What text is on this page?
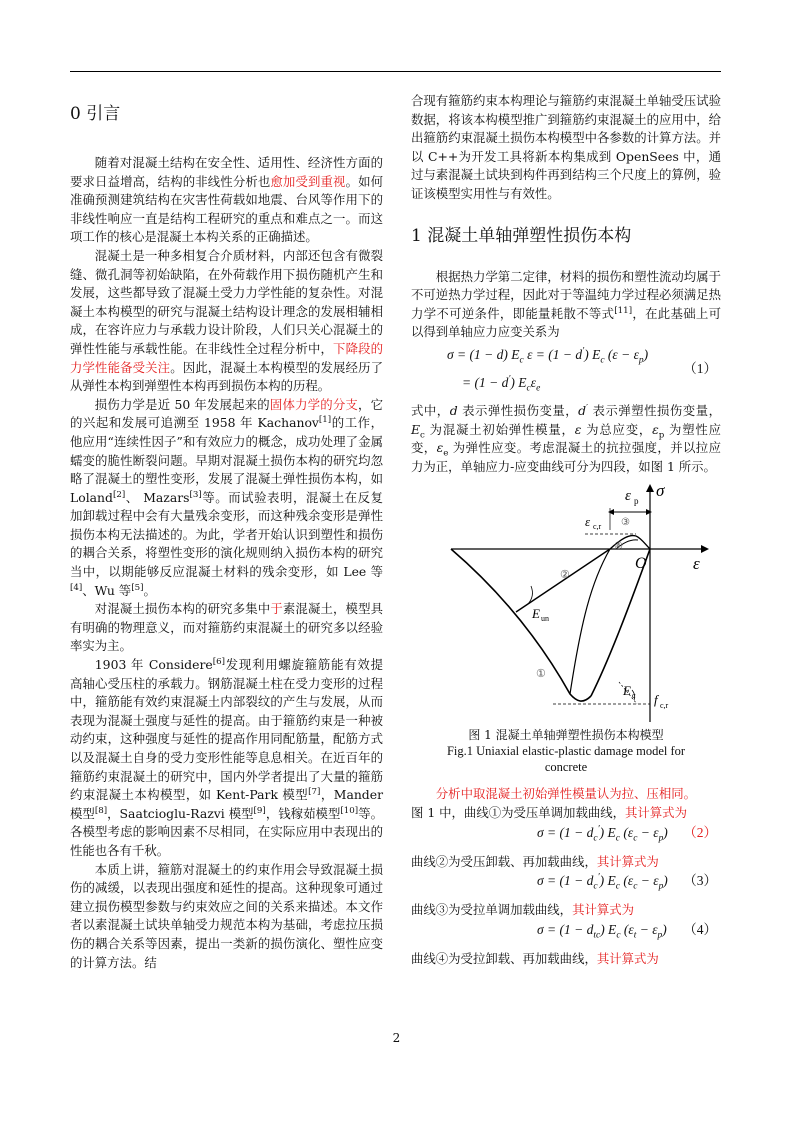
0 引言

随着对混凝土结构在安全性、适用性、经济性方面的要求日益增高，结构的非线性分析也愈加受到重视。如何准确预测建筑结构在灾害性荷载如地震、台风等作用下的非线性响应一直是结构工程研究的重点和难点之一。而这项工作的核心是混凝土本构关系的正确描述。

混凝土是一种多相复合介质材料，内部还包含有微裂缝、微孔洞等初始缺陷，在外荷载作用下损伤随机产生和发展，这些都导致了混凝土受力力学性能的复杂性。对混凝土本构模型的研究与混凝土结构设计理念的发展相辅相成，在容许应力与承载力设计阶段，人们只关心混凝土的弹性性能与承载性能。在非线性全过程分析中，下降段的力学性能备受关注。因此，混凝土本构模型的发展经历了从弹性本构到弹塑性本构再到损伤本构的历程。

损伤力学是近 50 年发展起来的固体力学的分支，它的兴起和发展可追溯至 1958 年 Kachanov[1]的工作，他应用“连续性因子”和有效应力的概念，成功处理了金属蠕变的脆性断裂问题。早期对混凝土损伤本构的研究均忽略了混凝土的塑性变形，发展了混凝土弹性损伤本构，如 Loland[2]、 Mazars[3]等。而试验表明，混凝土在反复加卸载过程中会有大量残余变形，而这种残余变形是弹性损伤本构无法描述的。为此，学者开始认识到塑性和损伤的耦合关系，将塑性变形的演化规则纳入损伤本构的研究当中，以期能够反应混凝土材料的残余变形，如 Lee 等[4]、Wu 等[5]。

对混凝土损伤本构的研究多集中于素混凝土，模型具有明确的物理意义，而对箍筋约束混凝土的研究多以经验率实为主。

1903 年 Considere[6]发现利用螺旋箍筋能有效提高轴心受压柱的承载力。钢筋混凝土柱在受力变形的过程中，箍筋能有效约束混凝土内部裂纹的产生与发展，从而表现为混凝土强度与延性的提高。由于箍筋约束是一种被动约束，这种强度与延性的提高作用同配筋量，配筋方式以及混凝土自身的受力变形性能等息息相关。在近百年的箍筋约束混凝土的研究中，国内外学者提出了大量的箍筋约束混凝土本构模型，如 Kent-Park 模型[7]，Mander 模型[8]，Saatcioglu-Razvi 模型[9]，钱稼茹模型[10]等。各模型考虑的影响因素不尽相同，在实际应用中表现出的性能也各有千秋。

本质上讲，箍筋对混凝土的约束作用会导致混凝土损伤的减缓，以表现出强度和延性的提高。这种现象可通过建立损伤模型参数与约束效应之间的关系来描述。本文作者以素混凝土试块单轴受力规范本构为基础，考虑拉压损伤的耦合关系等因素，提出一类新的损伤演化、塑性应变的计算方法。结

合现有箍筋约束本构理论与箍筋约束混凝土单轴受压试验数据，将该本构模型推广到箍筋约束混凝土的应用中，给出箍筋约束混凝土损伤本构模型中各参数的计算方法。并以 C++为开发工具将新本构集成到 OpenSees 中，通过与素混凝土试块到构件再到结构三个尺度上的算例，验证该模型实用性与有效性。

1 混凝土单轴弹塑性损伤本构

根据热力学第二定律，材料的损伤和塑性流动均属于不可逆热力学过程，因此对于等温纯力学过程必须满足热力学不可逆条件，即能量耗散不等式[11]，在此基础上可以得到单轴应力应变关系为

σ = (1 − d) $E_c$ ε = (1 − d′) $E_c$ $(\varepsilon - \varepsilon_p)$
= (1 − d′) $E_c\varepsilon_e$
（1）

式中，d 表示弹性损伤变量，d′ 表示弹塑性损伤变量，$E_c$ 为混凝土初始弹性模量，ε 为总应变，$\varepsilon_p$ 为塑性应变，$\varepsilon_e$ 为弹性应变。考虑混凝土的抗拉强度，并以拉应力为正，单轴应力-应变曲线可分为四段，如图 1 所示。

ε p
σ
ε
O
ε c,r
E un
E c f c,r
①
②
③
④
图 1 混凝土单轴弹塑性损伤本构模型
Fig.1 Uniaxial elastic-plastic damage model for
concrete

分析中取混凝土初始弹性模量认为拉、压相同。

图 1 中，曲线①为受压单调加载曲线，其计算式为

$\sigma = (1 - d_c')$ $E_c$ $(\varepsilon_c - \varepsilon_p)$ （2）

曲线②为受压卸载、再加载曲线，其计算式为

$\sigma = (1 - d_c')$ $E_c$ $(\varepsilon_c - \varepsilon_p)$ （3）

曲线③为受拉单调加载曲线，其计算式为

$\sigma = (1 - d_{tc})$ $E_c$ $(\varepsilon_t - \varepsilon_p)$ （4）

曲线④为受拉卸载、再加载曲线，其计算式为

2
